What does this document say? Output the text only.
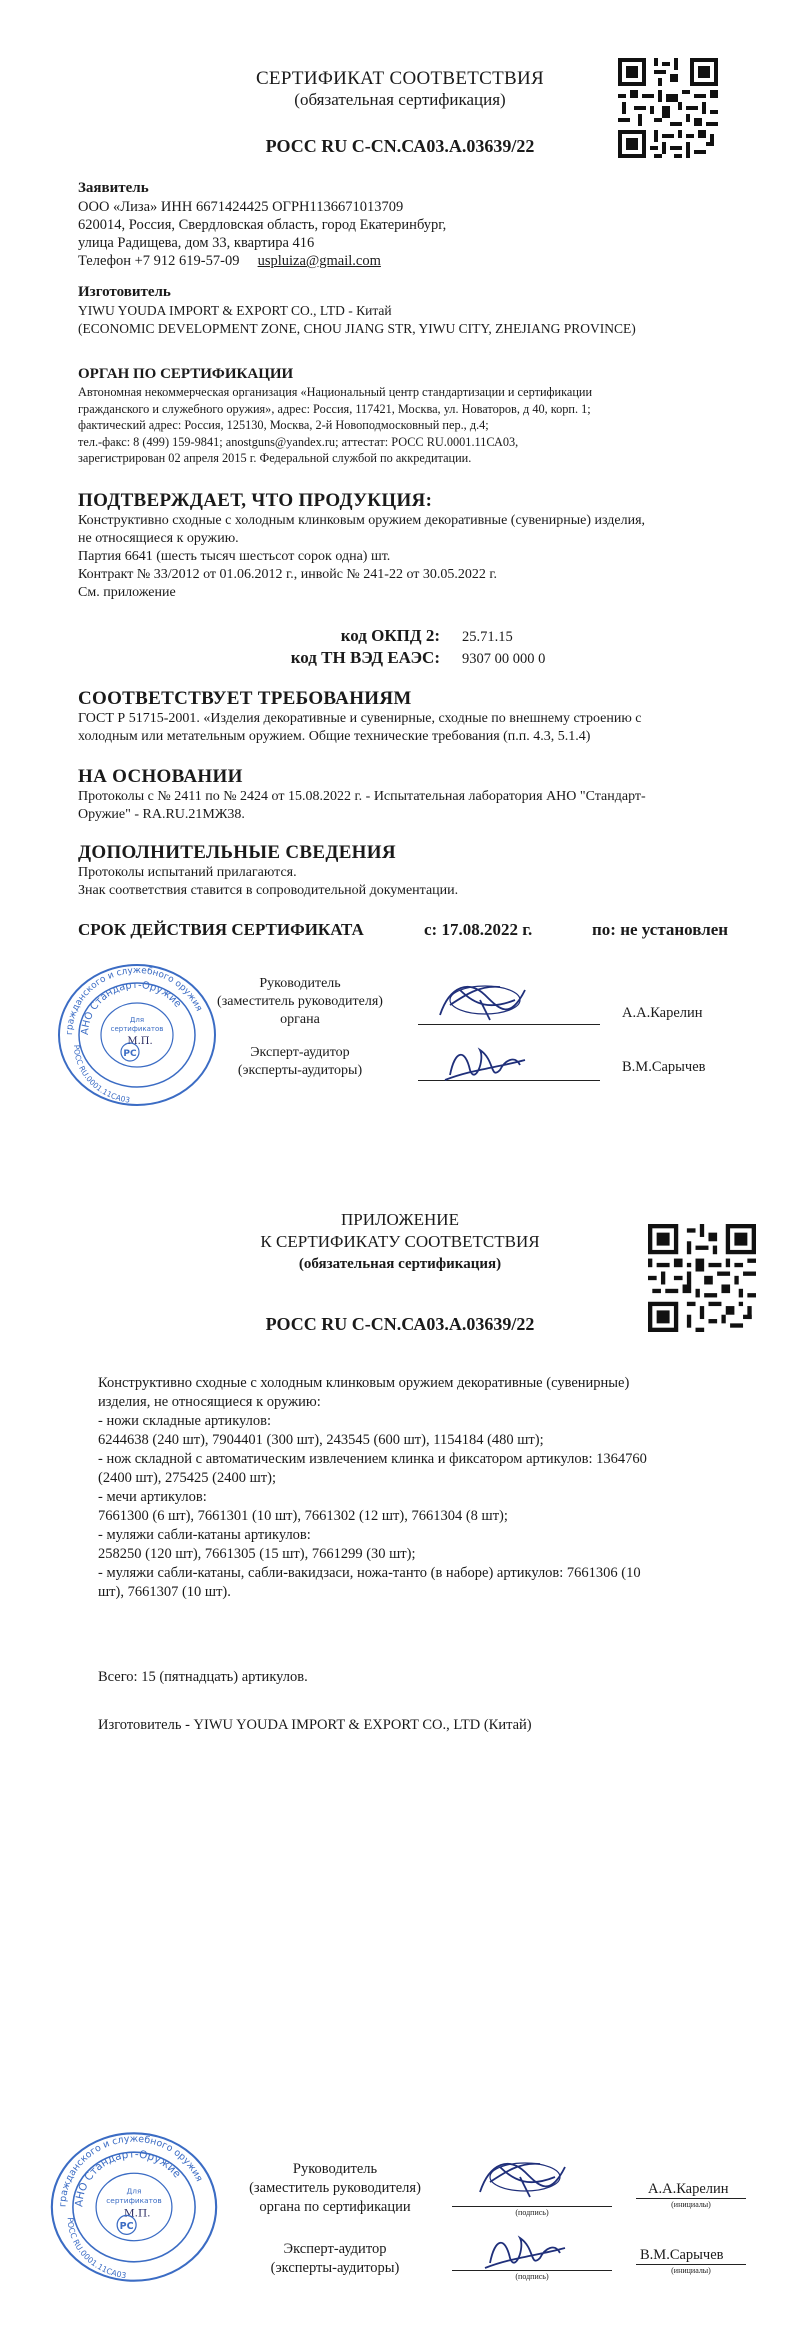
СЕРТИФИКАТ СООТВЕТСТВИЯ
(обязательная сертификация)
РОСС RU С-CN.СА03.А.03639/22
Заявитель
ООО «Лиза» ИНН 6671424425 ОГРН1136671013709
620014, Россия, Свердловская область, город Екатеринбург,
улица Радищева, дом 33, квартира 416
Телефон +7 912 619-57-09 uspluiza@gmail.com
Изготовитель
YIWU YOUDA IMPORT & EXPORT CO., LTD - Китай
(ECONOMIC DEVELOPMENT ZONE, CHOU JIANG STR, YIWU CITY, ZHEJIANG PROVINCE)
ОРГАН ПО СЕРТИФИКАЦИИ
Автономная некоммерческая организация «Национальный центр стандартизации и сертификации
гражданского и служебного оружия», адрес: Россия, 117421, Москва, ул. Новаторов, д 40, корп. 1;
фактический адрес: Россия, 125130, Москва, 2-й Новоподмосковный пер., д.4;
тел.-факс: 8 (499) 159-9841; anostguns@yandex.ru; аттестат: РОСС RU.0001.11СА03,
зарегистрирован 02 апреля 2015 г. Федеральной службой по аккредитации.
ПОДТВЕРЖДАЕТ, ЧТО ПРОДУКЦИЯ:
Конструктивно сходные с холодным клинковым оружием декоративные (сувенирные) изделия,
не относящиеся к оружию.
Партия 6641 (шесть тысяч шестьсот сорок одна) шт.
Контракт № 33/2012 от 01.06.2012 г., инвойс № 241-22 от 30.05.2022 г.
См. приложение
код ОКПД 2: 25.71.15
код ТН ВЭД ЕАЭС: 9307 00 000 0
СООТВЕТСТВУЕТ ТРЕБОВАНИЯМ
ГОСТ Р 51715-2001. «Изделия декоративные и сувенирные, сходные по внешнему строению с
холодным или метательным оружием. Общие технические требования (п.п. 4.3, 5.1.4)
НА ОСНОВАНИИ
Протоколы с № 2411 по № 2424 от 15.08.2022 г. - Испытательная лаборатория АНО "Стандарт-
Оружие" - RA.RU.21МЖ38.
ДОПОЛНИТЕЛЬНЫЕ СВЕДЕНИЯ
Протоколы испытаний прилагаются.
Знак соответствия ставится в сопроводительной документации.
СРОК ДЕЙСТВИЯ СЕРТИФИКАТА	с: 17.08.2022 г.	по: не установлен
гражданского и служебного оружия
АНО Стандарт-Оружие
РОСС RU.0001.11СА03
Для
сертификатов
М.П.
PC
Руководитель
(заместитель руководителя)
органа	А.А.Карелин
Эксперт-аудитор
(эксперты-аудиторы)	В.М.Сарычев
ПРИЛОЖЕНИЕ
К СЕРТИФИКАТУ СООТВЕТСТВИЯ
(обязательная сертификация)
РОСС RU С-CN.СА03.А.03639/22
Конструктивно сходные с холодным клинковым оружием декоративные (сувенирные)
изделия, не относящиеся к оружию:
- ножи складные артикулов:
6244638 (240 шт), 7904401 (300 шт), 243545 (600 шт), 1154184 (480 шт);
- нож складной с автоматическим извлечением клинка и фиксатором артикулов: 1364760
(2400 шт), 275425 (2400 шт);
- мечи артикулов:
7661300 (6 шт), 7661301 (10 шт), 7661302 (12 шт), 7661304 (8 шт);
- муляжи сабли-катаны артикулов:
258250 (120 шт), 7661305 (15 шт), 7661299 (30 шт);
- муляжи сабли-катаны, сабли-вакидзаси, ножа-танто (в наборе) артикулов: 7661306 (10
шт), 7661307 (10 шт).
Всего: 15 (пятнадцать) артикулов.
Изготовитель - YIWU YOUDA IMPORT & EXPORT CO., LTD (Китай)
гражданского и служебного оружия
АНО Стандарт-Оружие
РОСС RU.0001.11СА03
Для
сертификатов
М.П.
PC
Руководитель
(заместитель руководителя)
органа по сертификации	(подпись)
А.А.Карелин
(инициалы)
Эксперт-аудитор
(эксперты-аудиторы)
(подпись)
В.М.Сарычев
(инициалы)
